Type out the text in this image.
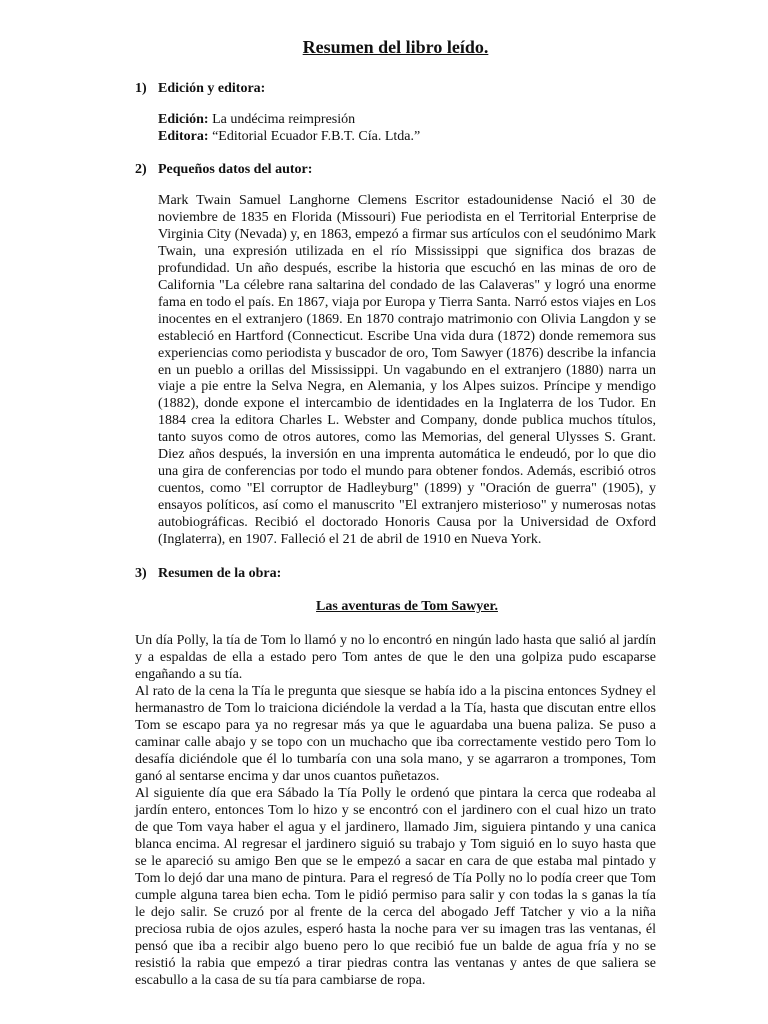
Resumen del libro leído.
1) Edición y editora:
Edición: La undécima reimpresión
Editora: “Editorial Ecuador F.B.T. Cía. Ltda.”
2) Pequeños datos del autor:
Mark Twain Samuel Langhorne Clemens Escritor estadounidense Nació el 30 de noviembre de 1835 en Florida (Missouri) Fue periodista en el Territorial Enterprise de Virginia City (Nevada) y, en 1863, empezó a firmar sus artículos con el seudónimo Mark Twain, una expresión utilizada en el río Mississippi que significa dos brazas de profundidad. Un año después, escribe la historia que escuchó en las minas de oro de California "La célebre rana saltarina del condado de las Calaveras" y logró una enorme fama en todo el país. En 1867, viaja por Europa y Tierra Santa. Narró estos viajes en Los inocentes en el extranjero (1869. En 1870 contrajo matrimonio con Olivia Langdon y se estableció en Hartford (Connecticut. Escribe Una vida dura (1872) donde rememora sus experiencias como periodista y buscador de oro, Tom Sawyer (1876) describe la infancia en un pueblo a orillas del Mississippi. Un vagabundo en el extranjero (1880) narra un viaje a pie entre la Selva Negra, en Alemania, y los Alpes suizos. Príncipe y mendigo (1882), donde expone el intercambio de identidades en la Inglaterra de los Tudor. En 1884 crea la editora Charles L. Webster and Company, donde publica muchos títulos, tanto suyos como de otros autores, como las Memorias, del general Ulysses S. Grant. Diez años después, la inversión en una imprenta automática le endeudó, por lo que dio una gira de conferencias por todo el mundo para obtener fondos. Además, escribió otros cuentos, como "El corruptor de Hadleyburg" (1899) y "Oración de guerra" (1905), y ensayos políticos, así como el manuscrito "El extranjero misterioso" y numerosas notas autobiográficas. Recibió el doctorado Honoris Causa por la Universidad de Oxford (Inglaterra), en 1907. Falleció el 21 de abril de 1910 en Nueva York.
3) Resumen de la obra:
Las aventuras de Tom Sawyer.

Un día Polly, la tía de Tom lo llamó y no lo encontró en ningún lado hasta que salió al jardín y a espaldas de ella a estado pero Tom antes de que le den una golpiza pudo escaparse engañando a su tía.

Al rato de la cena la Tía le pregunta que siesque se había ido a la piscina entonces Sydney el hermanastro de Tom lo traiciona diciéndole la verdad a la Tía, hasta que discutan entre ellos Tom se escapo para ya no regresar más ya que le aguardaba una buena paliza. Se puso a caminar calle abajo y se topo con un muchacho que iba correctamente vestido pero Tom lo desafía diciéndole que él lo tumbaría con una sola mano, y se agarraron a trompones, Tom ganó al sentarse encima y dar unos cuantos puñetazos.

Al siguiente día que era Sábado la Tía Polly le ordenó que pintara la cerca que rodeaba al jardín entero, entonces Tom lo hizo y se encontró con el jardinero con el cual hizo un trato de que Tom vaya haber el agua y el jardinero, llamado Jim, siguiera pintando y una canica blanca encima. Al regresar el jardinero siguió su trabajo y Tom siguió en lo suyo hasta que se le apareció su amigo Ben que se le empezó a sacar en cara de que estaba mal pintado y Tom lo dejó dar una mano de pintura. Para el regresó de Tía Polly no lo podía creer que Tom cumple alguna tarea bien echa. Tom le pidió permiso para salir y con todas la s ganas la tía le dejo salir. Se cruzó por al frente de la cerca del abogado Jeff Tatcher y vio a la niña preciosa rubia de ojos azules, esperó hasta la noche para ver su imagen tras las ventanas, él pensó que iba a recibir algo bueno pero lo que recibió fue un balde de agua fría y no se resistió la rabia que empezó a tirar piedras contra las ventanas y antes de que saliera se escabullo a la casa de su tía para cambiarse de ropa.
